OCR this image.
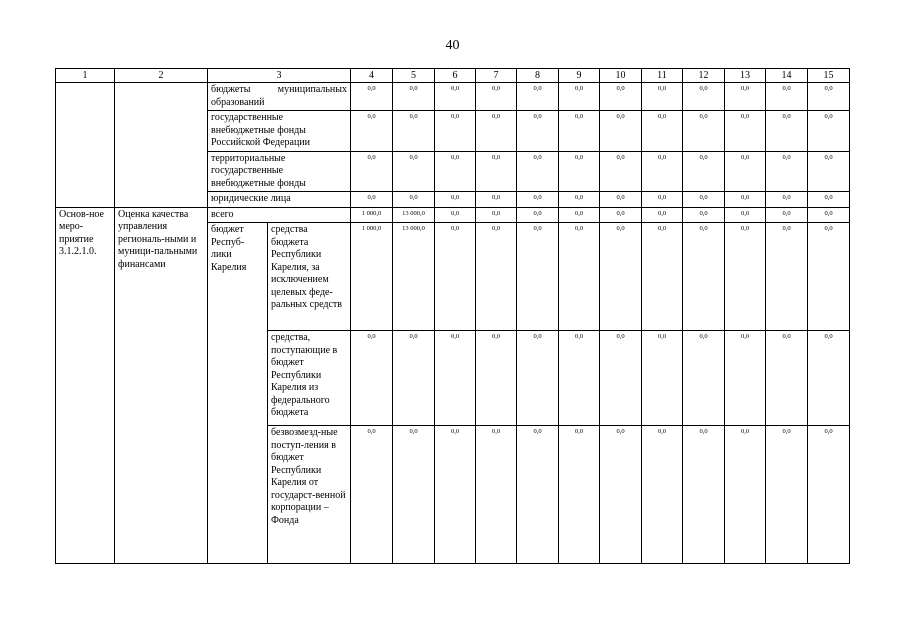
40
1	2	3		4	5	6	7	8	9	10	11	12	13	14	15
		бюджеты муниципальных образований		0,0	0,0	0,0	0,0	0,0	0,0	0,0	0,0	0,0	0,0	0,0	0,0
		государственные внебюджетные фонды Российской Федерации		0,0	0,0	0,0	0,0	0,0	0,0	0,0	0,0	0,0	0,0	0,0	0,0
		территориальные государственные внебюджетные фонды		0,0	0,0	0,0	0,0	0,0	0,0	0,0	0,0	0,0	0,0	0,0	0,0
		юридические лица		0,0	0,0	0,0	0,0	0,0	0,0	0,0	0,0	0,0	0,0	0,0	0,0
Основ-ное меро-приятие 3.1.2.1.0.	Оценка качества управления региональ-ными и муници-пальными финансами	всего		1 000,0	13 000,0	0,0	0,0	0,0	0,0	0,0	0,0	0,0	0,0	0,0	0,0
		бюджет Респуб-лики Карелия	средства бюджета Республики Карелия, за исключением целевых феде-ральных средств	1 000,0	13 000,0	0,0	0,0	0,0	0,0	0,0	0,0	0,0	0,0	0,0	0,0
			средства, поступающие в бюджет Республики Карелия из федерального бюджета	0,0	0,0	0,0	0,0	0,0	0,0	0,0	0,0	0,0	0,0	0,0	0,0
			безвозмезд-ные поступ-ления в бюджет Республики Карелия от государст-венной корпорации – Фонда	0,0	0,0	0,0	0,0	0,0	0,0	0,0	0,0	0,0	0,0	0,0	0,0
